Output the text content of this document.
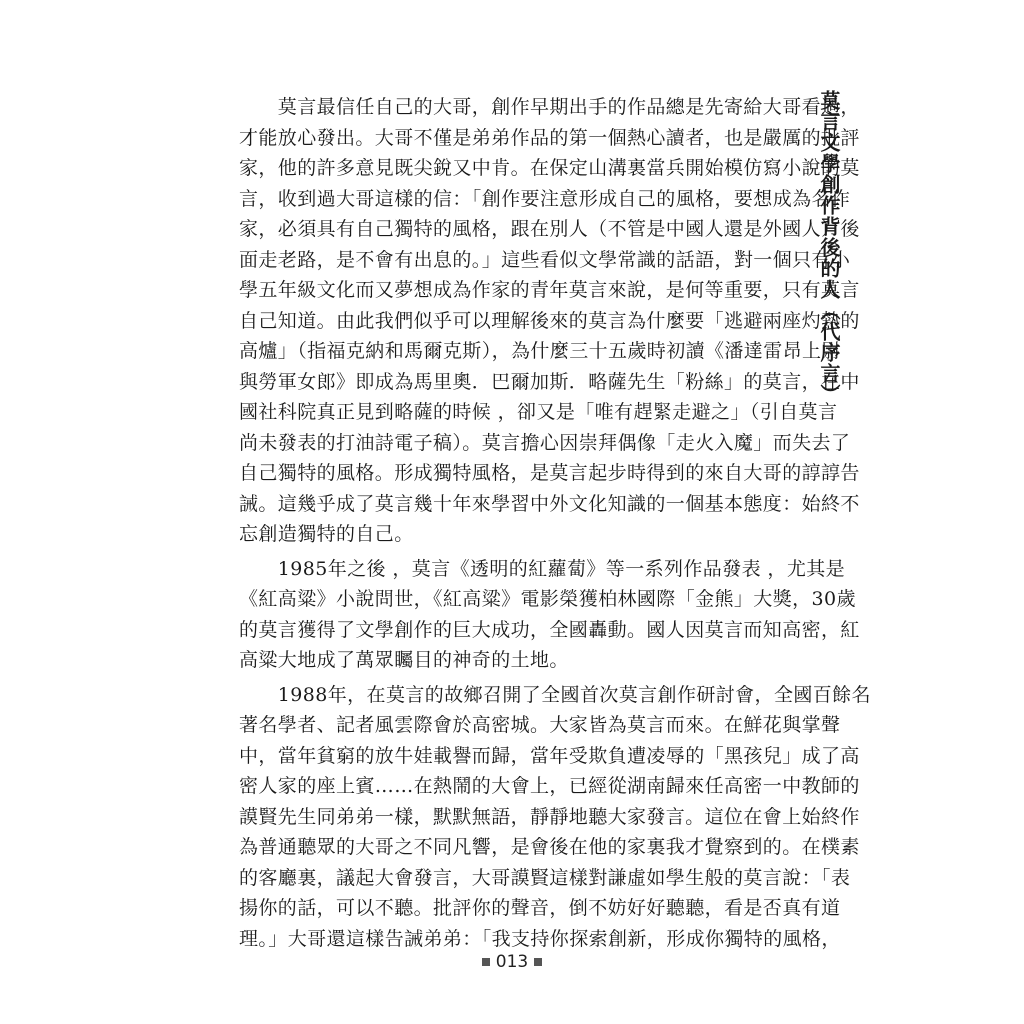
莫言文學創作背後的人（代序言）
　　莫言最信任自己的大哥，創作早期出手的作品總是先寄給大哥看過，
才能放心發出。大哥不僅是弟弟作品的第一個熱心讀者，也是嚴厲的批評
家，他的許多意見既尖銳又中肯。在保定山溝裏當兵開始模仿寫小說的莫
言，收到過大哥這樣的信：「創作要注意形成自己的風格，要想成為名作
家，必須具有自己獨特的風格，跟在別人（不管是中國人還是外國人）後
面走老路，是不會有出息的。」這些看似文學常識的話語，對一個只有小
學五年級文化而又夢想成為作家的青年莫言來說，是何等重要，只有莫言
自己知道。由此我們似乎可以理解後來的莫言為什麼要「逃避兩座灼熱的
高爐」（指福克納和馬爾克斯），為什麼三十五歲時初讀《潘達雷昂上尉
與勞軍女郎》即成為馬里奧．巴爾加斯．略薩先生「粉絲」的莫言，在中
國社科院真正見到略薩的時候 ，卻又是「唯有趕緊走避之」（引自莫言
尚未發表的打油詩電子稿）。莫言擔心因崇拜偶像「走火入魔」而失去了
自己獨特的風格。形成獨特風格，是莫言起步時得到的來自大哥的諄諄告
誡。這幾乎成了莫言幾十年來學習中外文化知識的一個基本態度：始終不
忘創造獨特的自己。
　　1985年之後 ，莫言《透明的紅蘿蔔》等一系列作品發表 ，尤其是
《紅高粱》小說問世，《紅高粱》電影榮獲柏林國際「金熊」大獎，30歲
的莫言獲得了文學創作的巨大成功，全國轟動。國人因莫言而知高密，紅
高粱大地成了萬眾矚目的神奇的土地。
　　1988年，在莫言的故鄉召開了全國首次莫言創作研討會，全國百餘名
著名學者、記者風雲際會於高密城。大家皆為莫言而來。在鮮花與掌聲
中，當年貧窮的放牛娃載譽而歸，當年受欺負遭凌辱的「黑孩兒」成了高
密人家的座上賓……在熱鬧的大會上，已經從湖南歸來任高密一中教師的
謨賢先生同弟弟一樣，默默無語，靜靜地聽大家發言。這位在會上始終作
為普通聽眾的大哥之不同凡響，是會後在他的家裏我才覺察到的。在樸素
的客廳裏，議起大會發言，大哥謨賢這樣對謙虛如學生般的莫言說：「表
揚你的話，可以不聽。批評你的聲音，倒不妨好好聽聽，看是否真有道
理。」大哥還這樣告誡弟弟：「我支持你探索創新，形成你獨特的風格，
013
